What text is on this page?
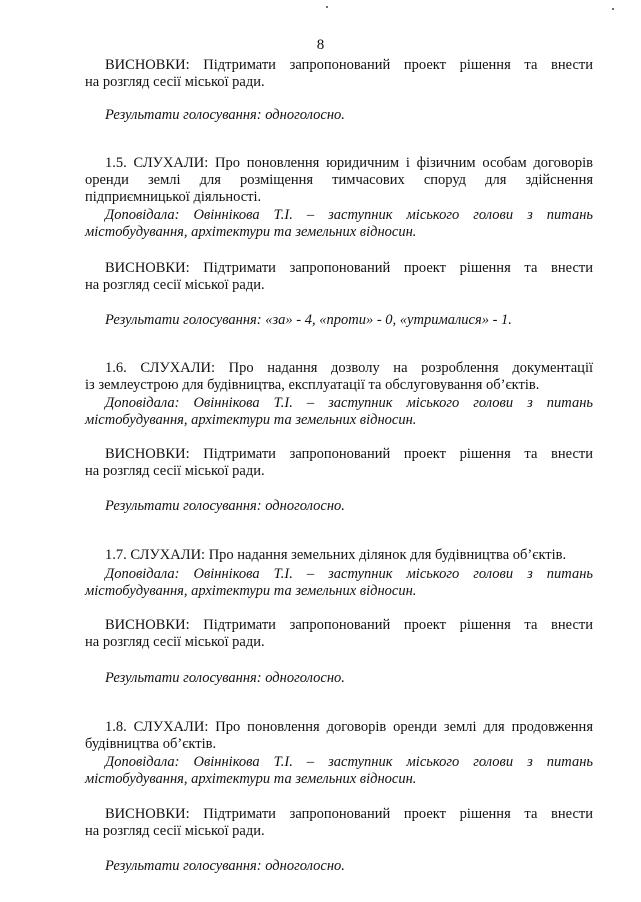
8
ВИСНОВКИ: Підтримати запропонований проект рішення та внести
на розгляд сесії міської ради.
Результати голосування: одноголосно.
1.5. СЛУХАЛИ: Про поновлення юридичним і фізичним особам договорів
оренди землі для розміщення тимчасових споруд для здійснення
підприємницької діяльності.
Доповідала: Овіннікова Т.І. – заступник міського голови з питань
містобудування, архітектури та земельних відносин.
ВИСНОВКИ: Підтримати запропонований проект рішення та внести
на розгляд сесії міської ради.
Результати голосування: «за» - 4, «проти» - 0, «утрималися» - 1.
1.6. СЛУХАЛИ: Про надання дозволу на розроблення документації
із землеустрою для будівництва, експлуатації та обслуговування об’єктів.
Доповідала: Овіннікова Т.І. – заступник міського голови з питань
містобудування, архітектури та земельних відносин.
ВИСНОВКИ: Підтримати запропонований проект рішення та внести
на розгляд сесії міської ради.
Результати голосування: одноголосно.
1.7. СЛУХАЛИ: Про надання земельних ділянок для будівництва об’єктів.
Доповідала: Овіннікова Т.І. – заступник міського голови з питань
містобудування, архітектури та земельних відносин.
ВИСНОВКИ: Підтримати запропонований проект рішення та внести
на розгляд сесії міської ради.
Результати голосування: одноголосно.
1.8. СЛУХАЛИ: Про поновлення договорів оренди землі для продовження
будівництва об’єктів.
Доповідала: Овіннікова Т.І. – заступник міського голови з питань
містобудування, архітектури та земельних відносин.
ВИСНОВКИ: Підтримати запропонований проект рішення та внести
на розгляд сесії міської ради.
Результати голосування: одноголосно.
